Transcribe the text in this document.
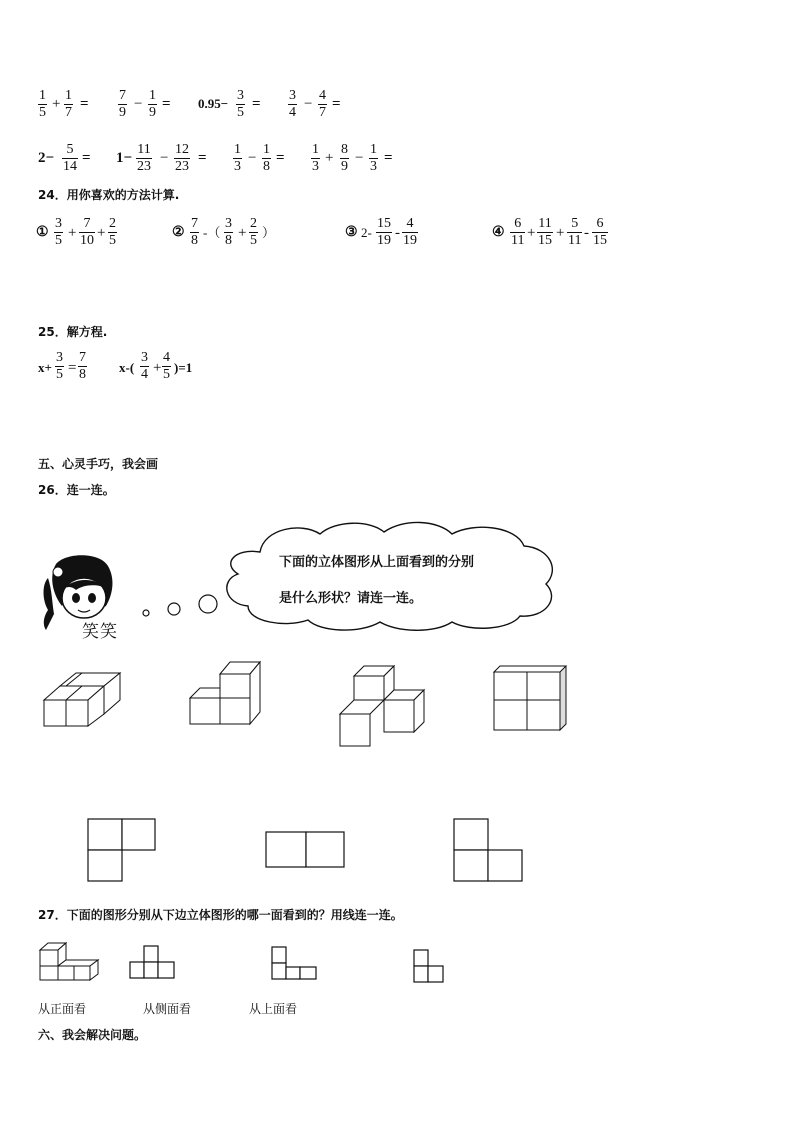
1
5
+
1
7
=
7
9
−
1
9
= 0.95−
3
5
=
3
4
−
4
7
=
2−
5
14
= 1−
11
23
−
12
23
=
1
3
−
1
8
=
1
3
+
8
9
−
1
3
=
24．用你喜欢的方法计算.
①
3
5 +
7
10 +
2
5
②
7
8
-（
3
8 +
2
5
）	③ 2-
15
19 -
4
19
④
6
11 +
11
15 +
5
11 -
6
15
25．解方程.
x+
3
5 =
7
8	x-(
3
4 +
4
5 )=1
五、心灵手巧，我会画
26．连一连。
笑笑
下面的立体图形从上面看到的分别
是什么形状？请连一连。
27．下面的图形分别从下边立体图形的哪一面看到的？用线连一连。
从正面看	从侧面看	从上面看
六、我会解决问题。
